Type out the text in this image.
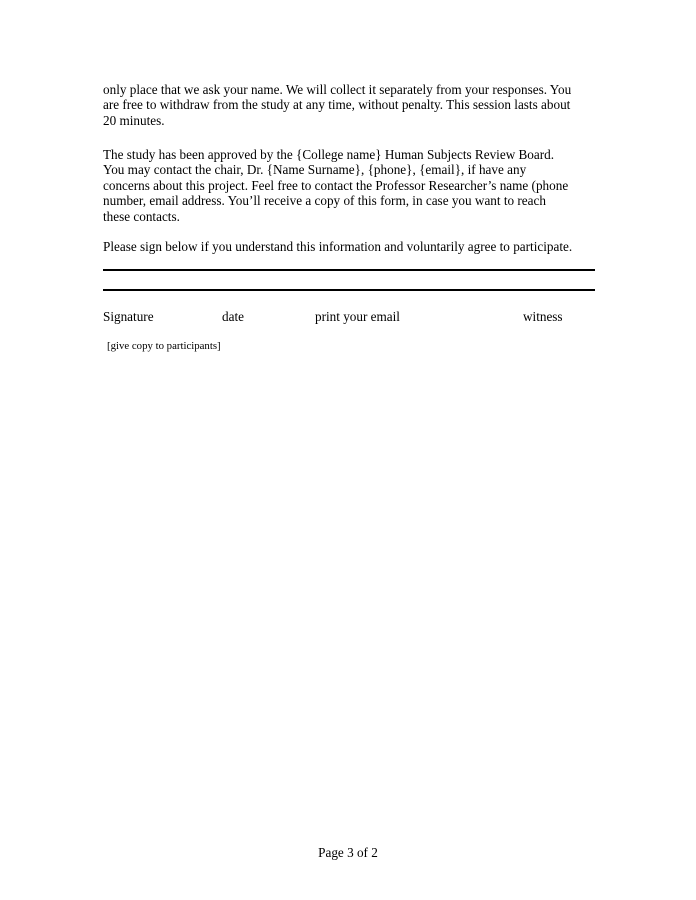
only place that we ask your name. We will collect it separately from your responses. You
are free to withdraw from the study at any time, without penalty. This session lasts about
20 minutes.
The study has been approved by the {College name} Human Subjects Review Board.
You may contact the chair, Dr. {Name Surname}, {phone}, {email}, if have any
concerns about this project. Feel free to contact the Professor Researcher’s name (phone
number, email address. You’ll receive a copy of this form, in case you want to reach
these contacts.
Please sign below if you understand this information and voluntarily agree to participate.
Signature	date	print your email	witness
[give copy to participants]
Page 3 of 2
